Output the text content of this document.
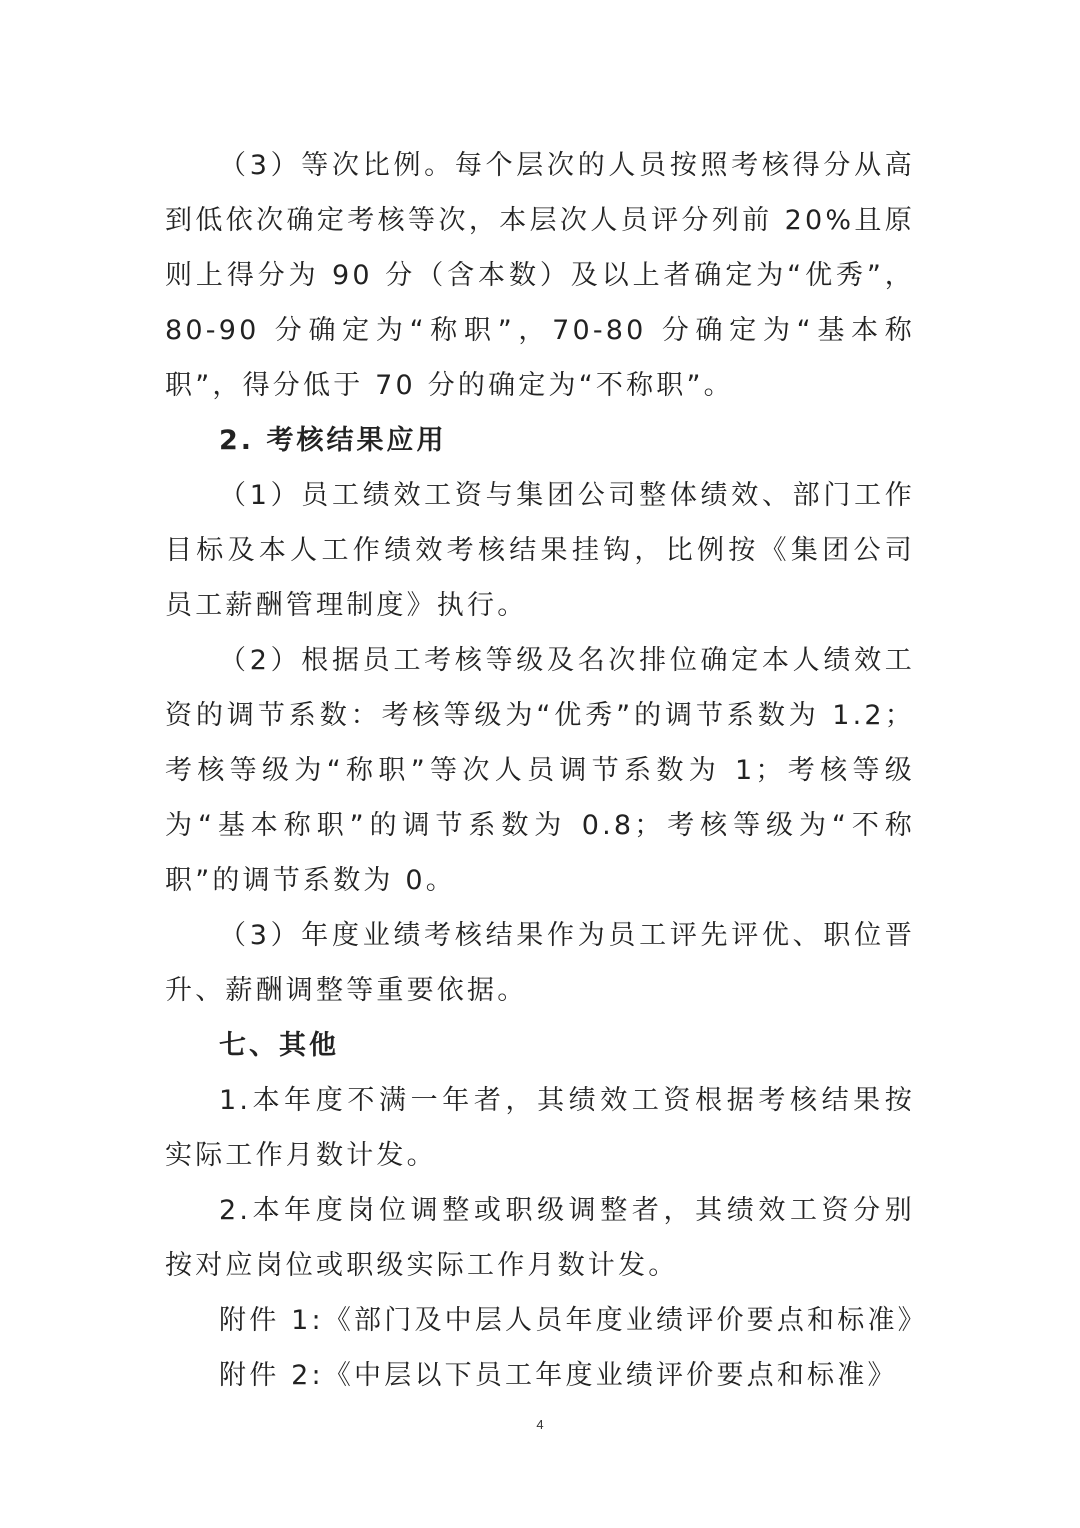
（3）等次比例。每个层次的人员按照考核得分从高到低依次确定考核等次，本层次人员评分列前 20%且原则上得分为 90 分（含本数）及以上者确定为“优秀”，80-90 分确定为“称职”，70-80 分确定为“基本称职”，得分低于 70 分的确定为“不称职”。

2. 考核结果应用

（1）员工绩效工资与集团公司整体绩效、部门工作目标及本人工作绩效考核结果挂钩，比例按《集团公司员工薪酬管理制度》执行。

（2）根据员工考核等级及名次排位确定本人绩效工资的调节系数：考核等级为“优秀”的调节系数为 1.2；考核等级为“称职”等次人员调节系数为 1；考核等级为“基本称职”的调节系数为 0.8；考核等级为“不称职”的调节系数为 0。

（3）年度业绩考核结果作为员工评先评优、职位晋升、薪酬调整等重要依据。

七、其他

1.本年度不满一年者，其绩效工资根据考核结果按实际工作月数计发。

2.本年度岗位调整或职级调整者，其绩效工资分别按对应岗位或职级实际工作月数计发。

附件 1:《部门及中层人员年度业绩评价要点和标准》

附件 2:《中层以下员工年度业绩评价要点和标准》

4
